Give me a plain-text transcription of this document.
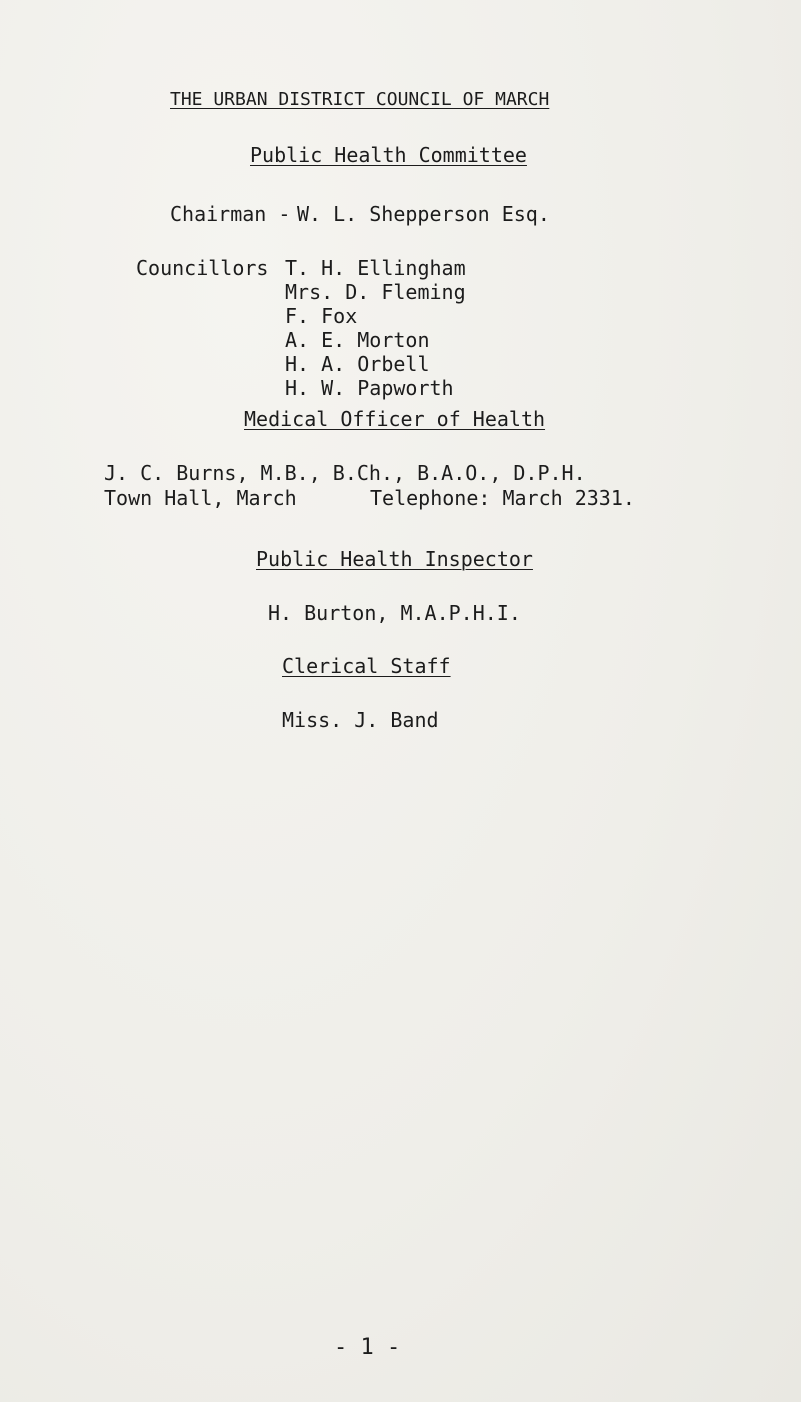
THE URBAN DISTRICT COUNCIL OF MARCH
Public Health Committee
Chairman - W. L. Shepperson Esq.
Councillors T. H. Ellingham
Mrs. D. Fleming
F. Fox
A. E. Morton
H. A. Orbell
H. W. Papworth
Medical Officer of Health
J. C. Burns, M.B., B.Ch., B.A.O., D.P.H.
Town Hall, March	Telephone: March 2331.
Public Health Inspector
H. Burton, M.A.P.H.I.
Clerical Staff
Miss. J. Band
- 1 -
